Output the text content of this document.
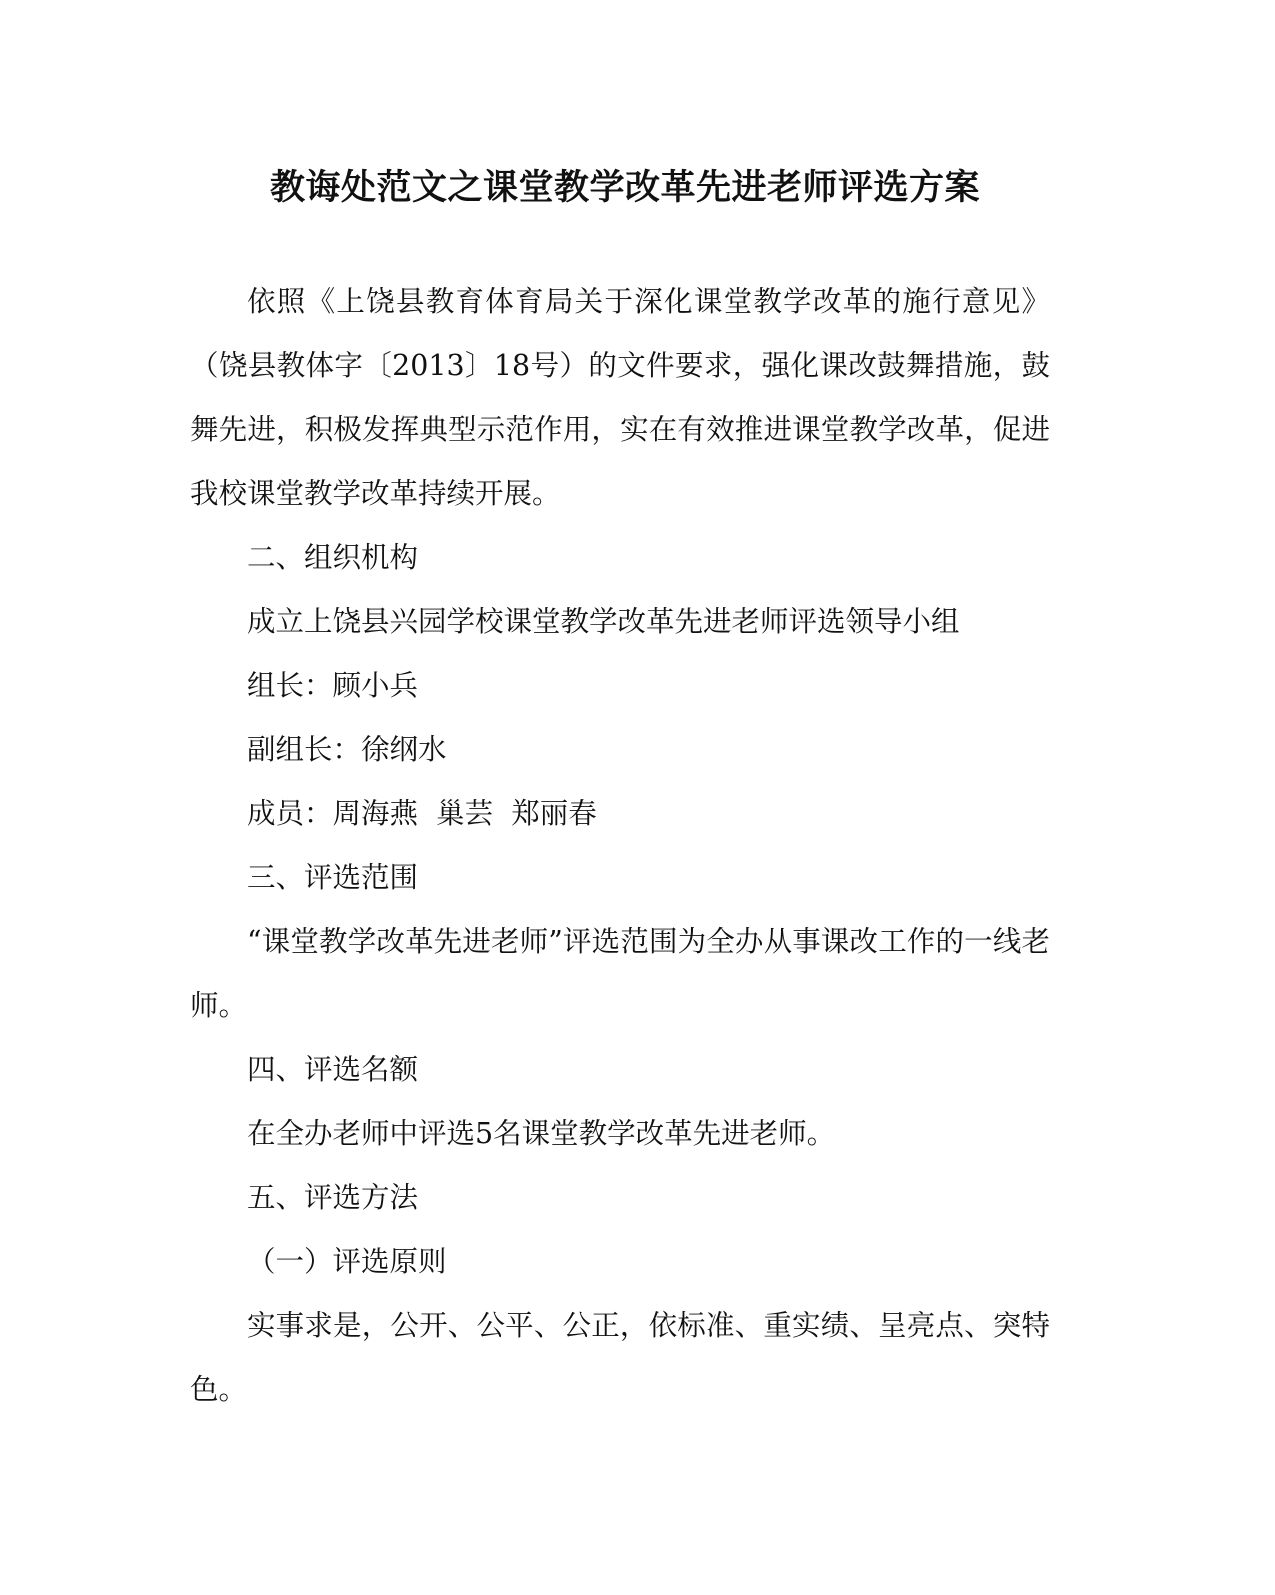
教诲处范文之课堂教学改革先进老师评选方案

依照《上饶县教育体育局关于深化课堂教学改革的施行意见》（饶县教体字〔2013〕18号）的文件要求，强化课改鼓舞措施，鼓舞先进，积极发挥典型示范作用，实在有效推进课堂教学改革，促进我校课堂教学改革持续开展。

二、组织机构

成立上饶县兴园学校课堂教学改革先进老师评选领导小组

组长：顾小兵

副组长：徐纲水

成员：周海燕  巢芸  郑丽春

三、评选范围

“课堂教学改革先进老师”评选范围为全办从事课改工作的一线老师。

四、评选名额

在全办老师中评选5名课堂教学改革先进老师。

五、评选方法

（一）评选原则

实事求是，公开、公平、公正，依标准、重实绩、呈亮点、突特色。
